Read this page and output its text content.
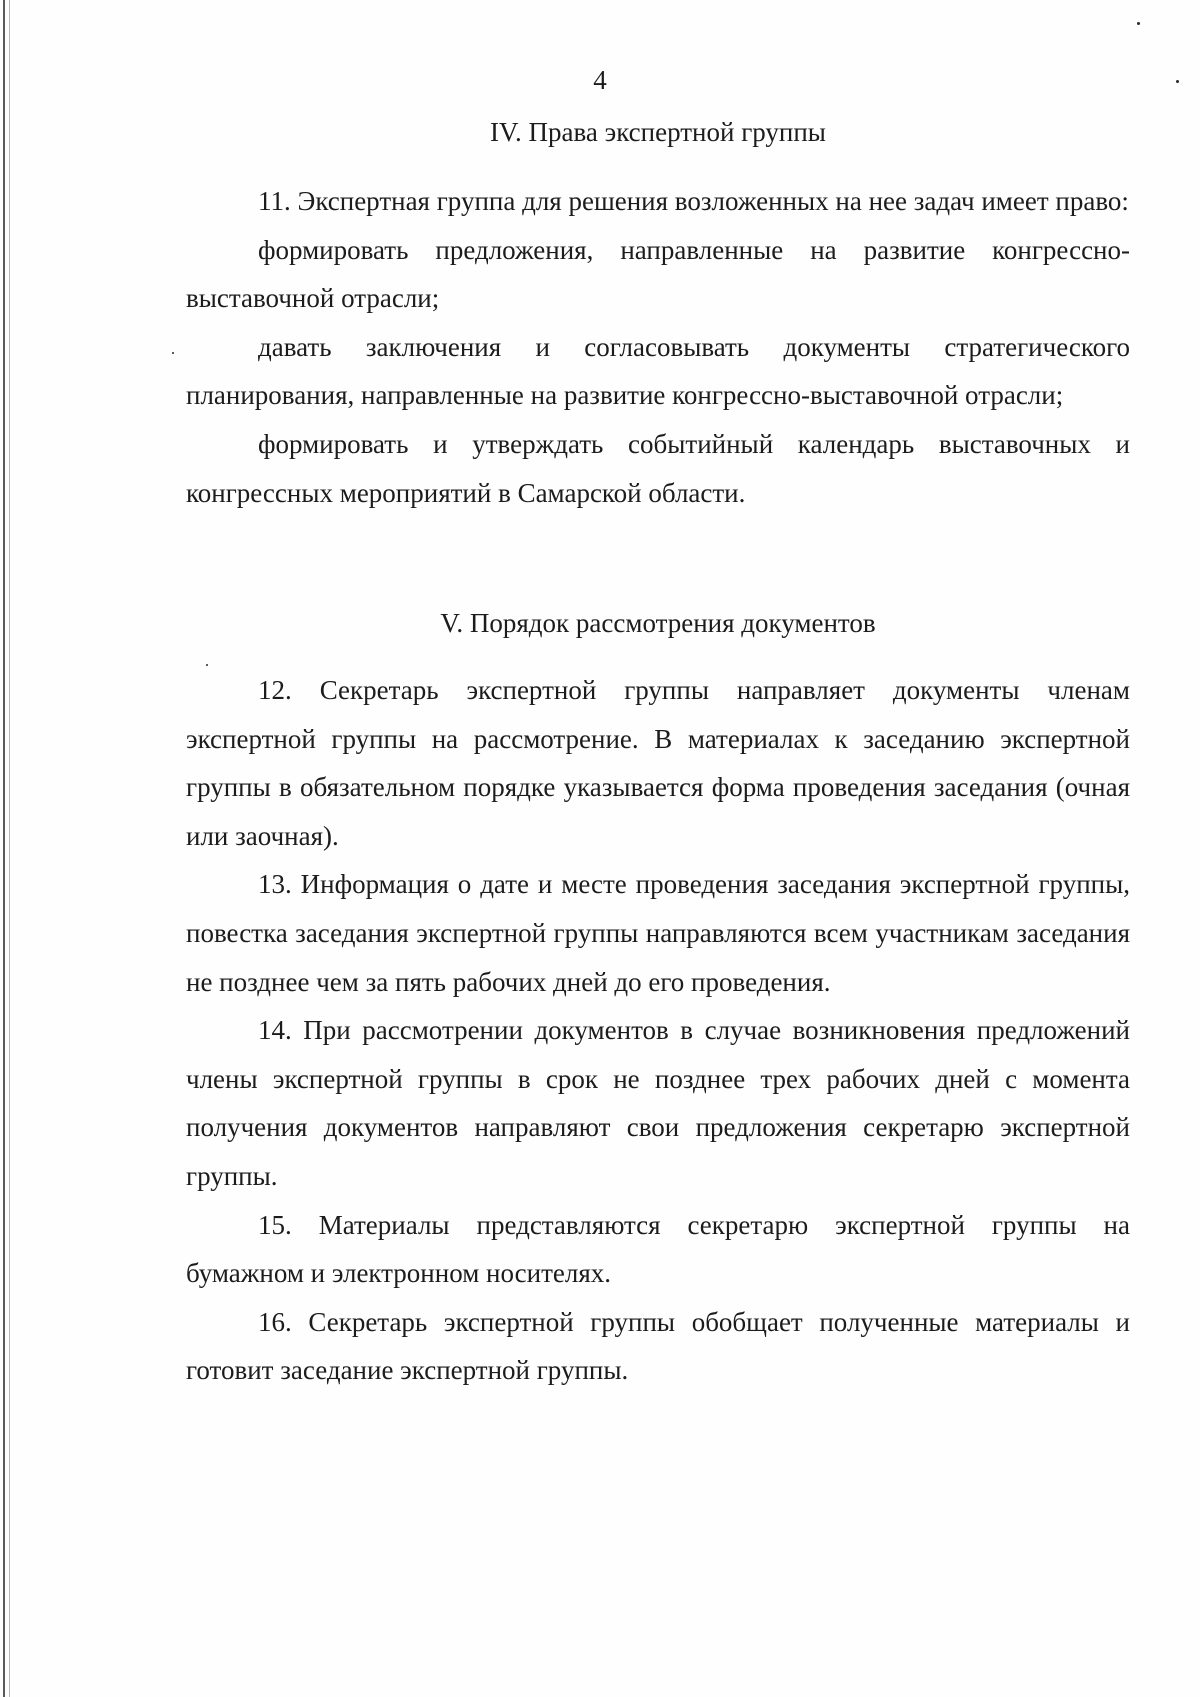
4
IV. Права экспертной группы

11. Экспертная группа для решения возложенных на нее задач имеет право:

формировать предложения, направленные на развитие конгрессно-выставочной отрасли;

давать заключения и согласовывать документы стратегического планирования, направленные на развитие конгрессно-выставочной отрасли;

формировать и утверждать событийный календарь выставочных и конгрессных мероприятий в Самарской области.

V. Порядок рассмотрения документов

12. Секретарь экспертной группы направляет документы членам экспертной группы на рассмотрение. В материалах к заседанию экспертной группы в обязательном порядке указывается форма проведения заседания (очная или заочная).

13. Информация о дате и месте проведения заседания экспертной группы, повестка заседания экспертной группы направляются всем участникам заседания не позднее чем за пять рабочих дней до его проведения.

14. При рассмотрении документов в случае возникновения предложений члены экспертной группы в срок не позднее трех рабочих дней с момента получения документов направляют свои предложения секретарю экспертной группы.

15. Материалы представляются секретарю экспертной группы на бумажном и электронном носителях.

16. Секретарь экспертной группы обобщает полученные материалы и готовит заседание экспертной группы.
